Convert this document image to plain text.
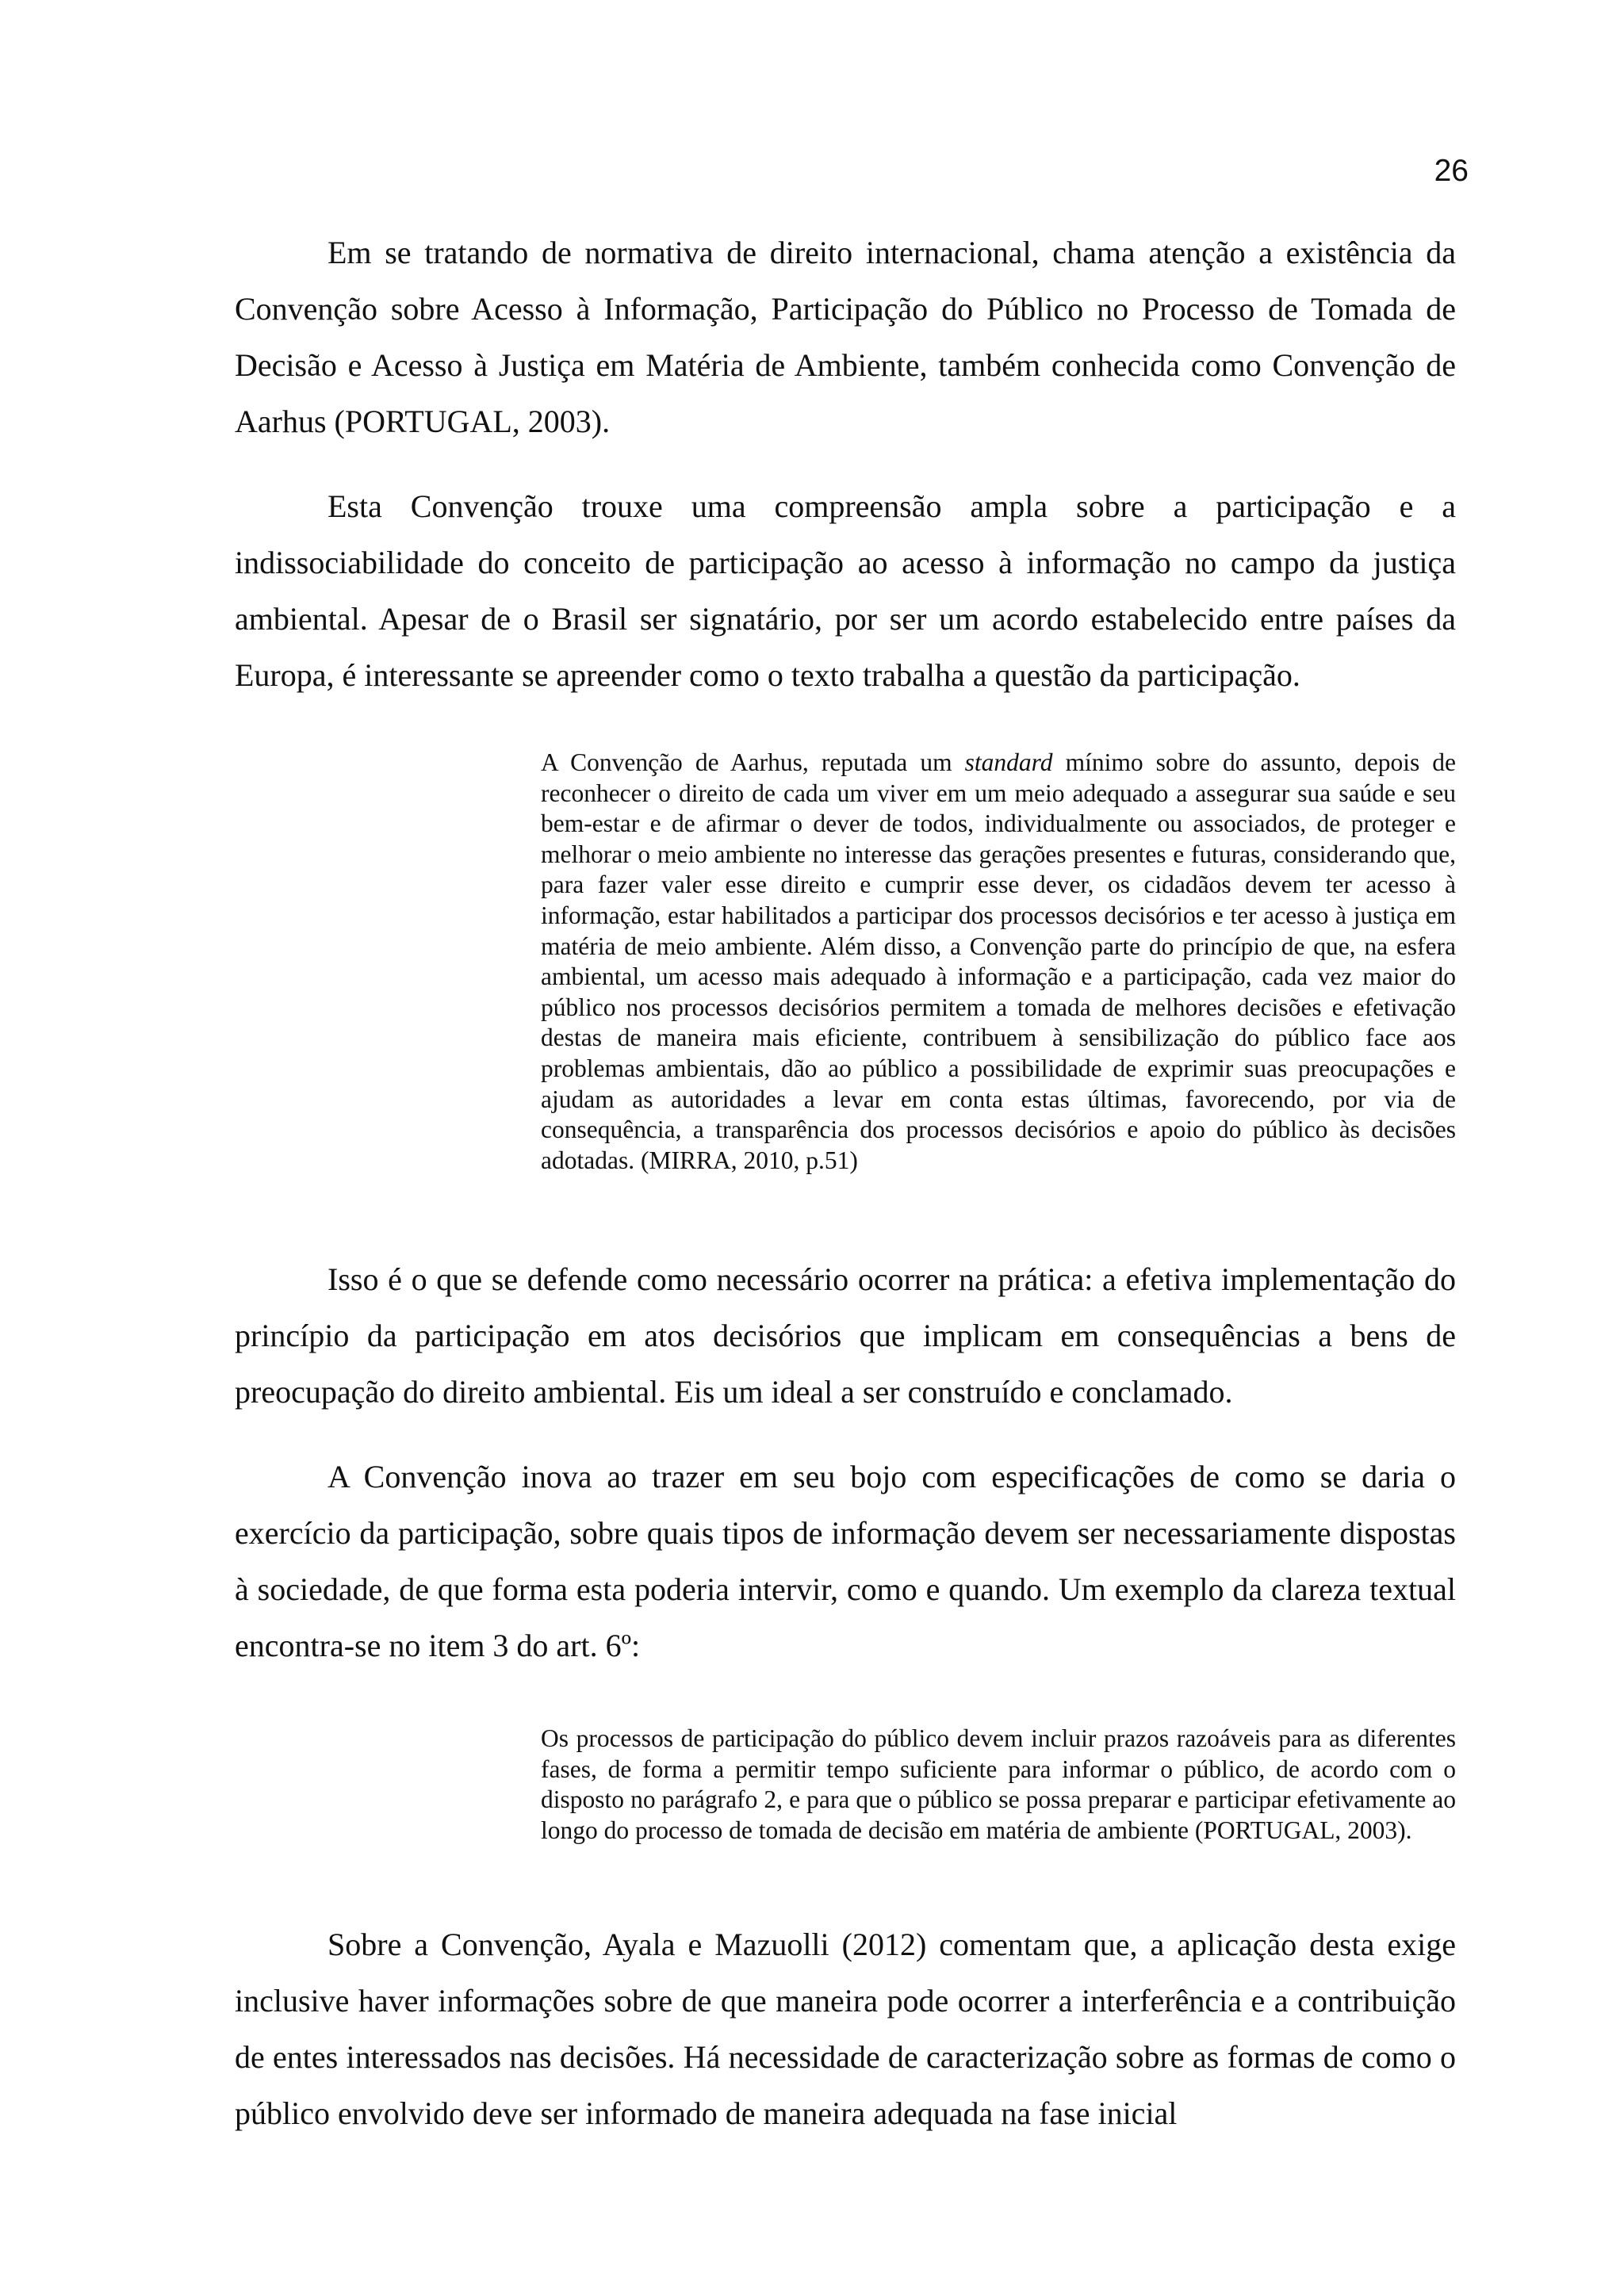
26

Em se tratando de normativa de direito internacional, chama atenção a existência da Convenção sobre Acesso à Informação, Participação do Público no Processo de Tomada de Decisão e Acesso à Justiça em Matéria de Ambiente, também conhecida como Convenção de Aarhus (PORTUGAL, 2003).

Esta Convenção trouxe uma compreensão ampla sobre a participação e a indissociabilidade do conceito de participação ao acesso à informação no campo da justiça ambiental. Apesar de o Brasil ser signatário, por ser um acordo estabelecido entre países da Europa, é interessante se apreender como o texto trabalha a questão da participação.

A Convenção de Aarhus, reputada um standard mínimo sobre do assunto, depois de reconhecer o direito de cada um viver em um meio adequado a assegurar sua saúde e seu bem-estar e de afirmar o dever de todos, individualmente ou associados, de proteger e melhorar o meio ambiente no interesse das gerações presentes e futuras, considerando que, para fazer valer esse direito e cumprir esse dever, os cidadãos devem ter acesso à informação, estar habilitados a participar dos processos decisórios e ter acesso à justiça em matéria de meio ambiente. Além disso, a Convenção parte do princípio de que, na esfera ambiental, um acesso mais adequado à informação e a participação, cada vez maior do público nos processos decisórios permitem a tomada de melhores decisões e efetivação destas de maneira mais eficiente, contribuem à sensibilização do público face aos problemas ambientais, dão ao público a possibilidade de exprimir suas preocupações e ajudam as autoridades a levar em conta estas últimas, favorecendo, por via de consequência, a transparência dos processos decisórios e apoio do público às decisões adotadas. (MIRRA, 2010, p.51)

Isso é o que se defende como necessário ocorrer na prática: a efetiva implementação do princípio da participação em atos decisórios que implicam em consequências a bens de preocupação do direito ambiental. Eis um ideal a ser construído e conclamado.

A Convenção inova ao trazer em seu bojo com especificações de como se daria o exercício da participação, sobre quais tipos de informação devem ser necessariamente dispostas à sociedade, de que forma esta poderia intervir, como e quando. Um exemplo da clareza textual encontra-se no item 3 do art. 6º:

Os processos de participação do público devem incluir prazos razoáveis para as diferentes fases, de forma a permitir tempo suficiente para informar o público, de acordo com o disposto no parágrafo 2, e para que o público se possa preparar e participar efetivamente ao longo do processo de tomada de decisão em matéria de ambiente (PORTUGAL, 2003).

Sobre a Convenção, Ayala e Mazuolli (2012) comentam que, a aplicação desta exige inclusive haver informações sobre de que maneira pode ocorrer a interferência e a contribuição de entes interessados nas decisões. Há necessidade de caracterização sobre as formas de como o público envolvido deve ser informado de maneira adequada na fase inicial
